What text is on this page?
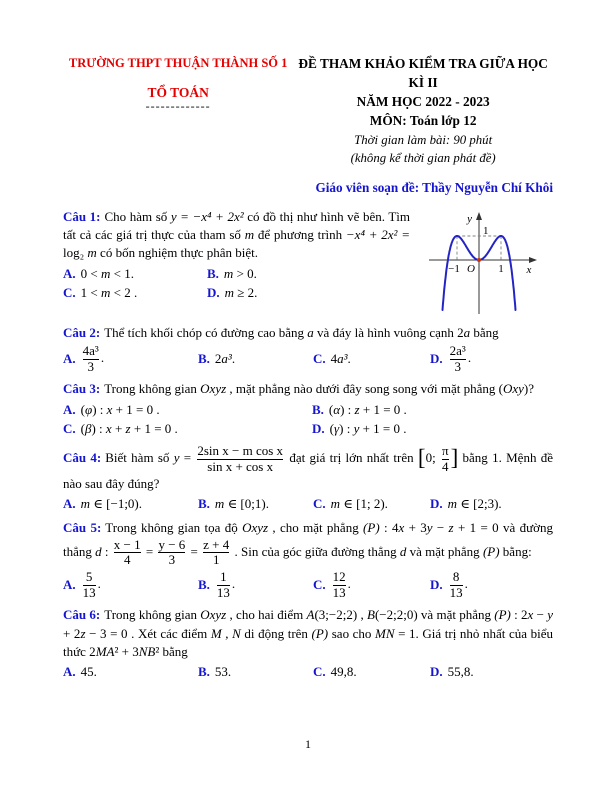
TRƯỜNG THPT THUẬN THÀNH SỐ 1
TỔ TOÁN
-------------
ĐỀ THAM KHẢO KIỂM TRA GIỮA HỌC KÌ II
NĂM HỌC 2022 - 2023
MÔN: Toán lớp 12
Thời gian làm bài: 90 phút
(không kể thời gian phát đề)
Giáo viên soạn đề: Thầy Nguyễn Chí Khôi

Câu 1: Cho hàm số y = −x⁴ + 2x² có đồ thị như hình vẽ bên. Tìm tất cả các giá trị thực của tham số m để phương trình −x⁴ + 2x² = log₂ m có bốn nghiệm thực phân biệt.

A. 0 < m < 1.	B. m > 0.
C. 1 < m < 2 .	D. m ≥ 2.
y
1
−1 O 1 x

Câu 2: Thể tích khối chóp có đường cao bằng a và đáy là hình vuông cạnh 2a bằng

A. $\frac{\text{4a³}}{3}$ .	B. 2a³.	C. 4a³.	D. $\frac{\text{2a³}}{3}$ .

Câu 3: Trong không gian Oxyz , mặt phẳng nào dưới đây song song với mặt phẳng (Oxy)?

A. (φ) : x + 1 = 0 .	B. (α) : z + 1 = 0 .
C. (β) : x + z + 1 = 0 .	D. (γ) : y + 1 = 0 .

Câu 4: Biết hàm số $y = \frac{\text{2sin x − m cos x}}{\text{sin x + cos x}}$ đạt giá trị lớn nhất trên [0; $\frac{\pi}{4}$ ] bằng 1. Mệnh đề nào sau đây đúng?

A. m ∈ [−1;0).	B. m ∈ [0;1).	C. m ∈ [1; 2).	D. m ∈ [2;3).

Câu 5: Trong không gian tọa độ Oxyz , cho mặt phẳng (P) : 4x + 3y − z + 1 = 0 và đường thẳng d : $\frac{x - 1}{4} = \frac{y - 6}{3} = \frac{z + 4}{1}$ . Sin của góc giữa đường thẳng d và mặt phẳng (P) bằng:

A. $\frac{5}{13}$ .	B. $\frac{1}{13}$ .	C. $\frac{12}{13}$ .	D. $\frac{8}{13}$ .

Câu 6: Trong không gian Oxyz , cho hai điểm A(3;−2;2) , B(−2;2;0) và mặt phẳng (P) : 2x − y + 2z − 3 = 0 . Xét các điểm M , N di động trên (P) sao cho MN = 1. Giá trị nhỏ nhất của biểu thức 2MA² + 3NB² bằng

A. 45.	B. 53.	C. 49,8.	D. 55,8.
1
